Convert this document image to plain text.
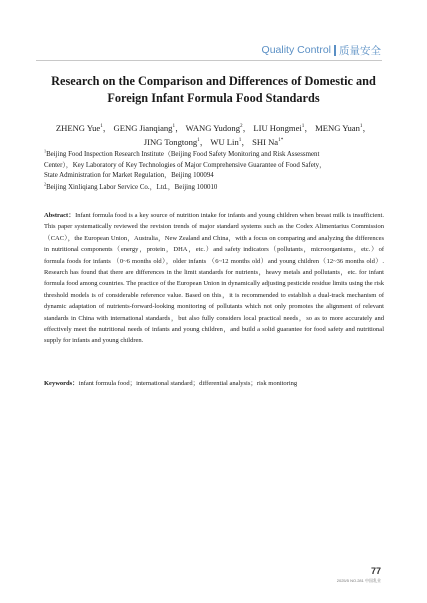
Quality Control 质量安全
Research on the Comparison and Differences of Domestic and
Foreign Infant Formula Food Standards
ZHENG Yue$^1$， GENG Jianqiang$^1$， WANG Yudong$^2$， LIU Hongmei$^1$， MENG Yuan$^1$，
JING Tongtong$^1$， WU Lin$^1$， SHI $Na^{1*}$
$^1$Beijing Food Inspection Research Institute（Beijing Food Safety Monitoring and Risk Assessment
Center），Key Laboratory of Key Technologies of Major Comprehensive Guarantee of Food Safety，
State Administration for Market Regulation，Beijing 100094
$^2$Beijing Xinliqiang Labor Service Co.，Ltd.，Beijing 100010

Abstract：Infant formula food is a key source of nutrition intake for infants and young children when breast milk is insufficient. This paper systematically reviewed the revision trends of major standard systems such as the Codex Alimentarius Commission（CAC），the European Union，Australia，New Zealand and China，with a focus on comparing and analyzing the differences in nutritional components（energy，protein，DHA，etc.）and safety indicators（pollutants，microorganisms，etc.）of formula foods for infants （0~6 months old），older infants （6~12 months old）and young children（12~36 months old）. Research has found that there are differences in the limit standards for nutrients，heavy metals and pollutants，etc. for infant formula food among countries. The practice of the European Union in dynamically adjusting pesticide residue limits using the risk threshold models is of considerable reference value. Based on this，it is recommended to establish a dual-track mechanism of dynamic adaptation of nutrients-forward-looking monitoring of pollutants which not only promotes the alignment of relevant standards in China with international standards，but also fully considers local practical needs，so as to more accurately and effectively meet the nutritional needs of infants and young children，and build a solid guarantee for food safety and nutritional supply for infants and young children.

Keywords：infant formula food；international standard；differential analysis；risk monitoring
77
2025/5 NO.281 中国乳业
